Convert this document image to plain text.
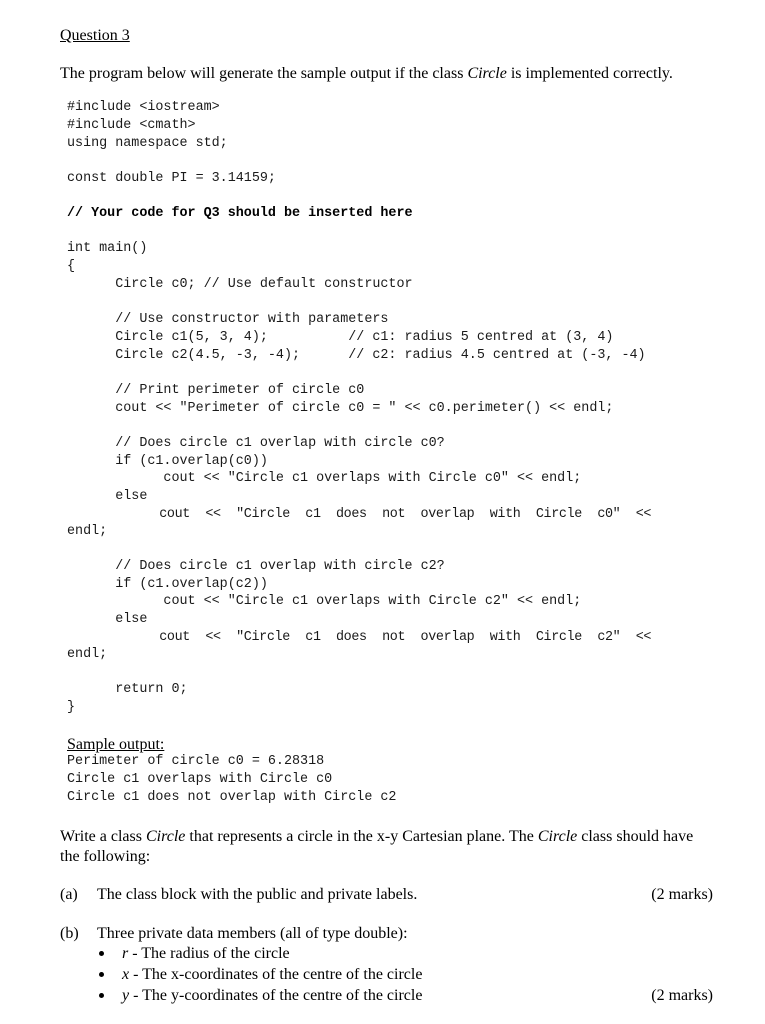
Question 3
The program below will generate the sample output if the class Circle is implemented correctly.
#include <iostream>
#include <cmath>
using namespace std;
const double PI = 3.14159;
// Your code for Q3 should be inserted here
int main()
{
Circle c0; // Use default constructor
// Use constructor with parameters
Circle c1(5, 3, 4);          // c1: radius 5 centred at (3, 4)
Circle c2(4.5, -3, -4);      // c2: radius 4.5 centred at (-3, -4)
// Print perimeter of circle c0
cout << "Perimeter of circle c0 = " << c0.perimeter() << endl;
// Does circle c1 overlap with circle c0?
if (c1.overlap(c0))
cout << "Circle c1 overlaps with Circle c0" << endl;
else
cout  <<  "Circle  c1  does  not  overlap  with  Circle  c0"  <<
endl;
// Does circle c1 overlap with circle c2?
if (c1.overlap(c2))
cout << "Circle c1 overlaps with Circle c2" << endl;
else
cout  <<  "Circle  c1  does  not  overlap  with  Circle  c2"  <<
endl;
return 0;
}
Sample output:
Perimeter of circle c0 = 6.28318
Circle c1 overlaps with Circle c0
Circle c1 does not overlap with Circle c2
Write a class Circle that represents a circle in the x-y Cartesian plane. The Circle class should have
the following:
(a) The class block with the public and private labels.	(2 marks)
(b) Three private data members (all of type double):
r - The radius of the circle
x - The x-coordinates of the centre of the circle
y - The y-coordinates of the centre of the circle	(2 marks)
